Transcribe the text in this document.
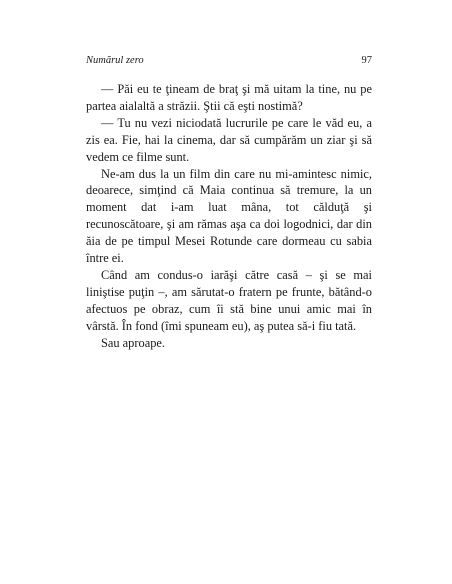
Numărul zero	97

— Păi eu te ţineam de braţ şi mă uitam la tine, nu pe partea aialaltă a străzii. Ştii că eşti nostimă?

— Tu nu vezi niciodată lucrurile pe care le văd eu, a zis ea. Fie, hai la cinema, dar să cumpărăm un ziar şi să vedem ce filme sunt.

Ne-am dus la un film din care nu mi-amintesc nimic, deoarece, simţind că Maia continua să tremure, la un moment dat i-am luat mâna, tot călduţă şi recunoscătoare, şi am rămas aşa ca doi logodnici, dar din ăia de pe timpul Mesei Rotunde care dormeau cu sabia între ei.

Când am condus-o iarăşi către casă – şi se mai liniştise puţin –, am sărutat-o fratern pe frunte, bătând-o afectuos pe obraz, cum îi stă bine unui amic mai în vârstă. În fond (îmi spuneam eu), aş putea să-i fiu tată.

Sau aproape.
